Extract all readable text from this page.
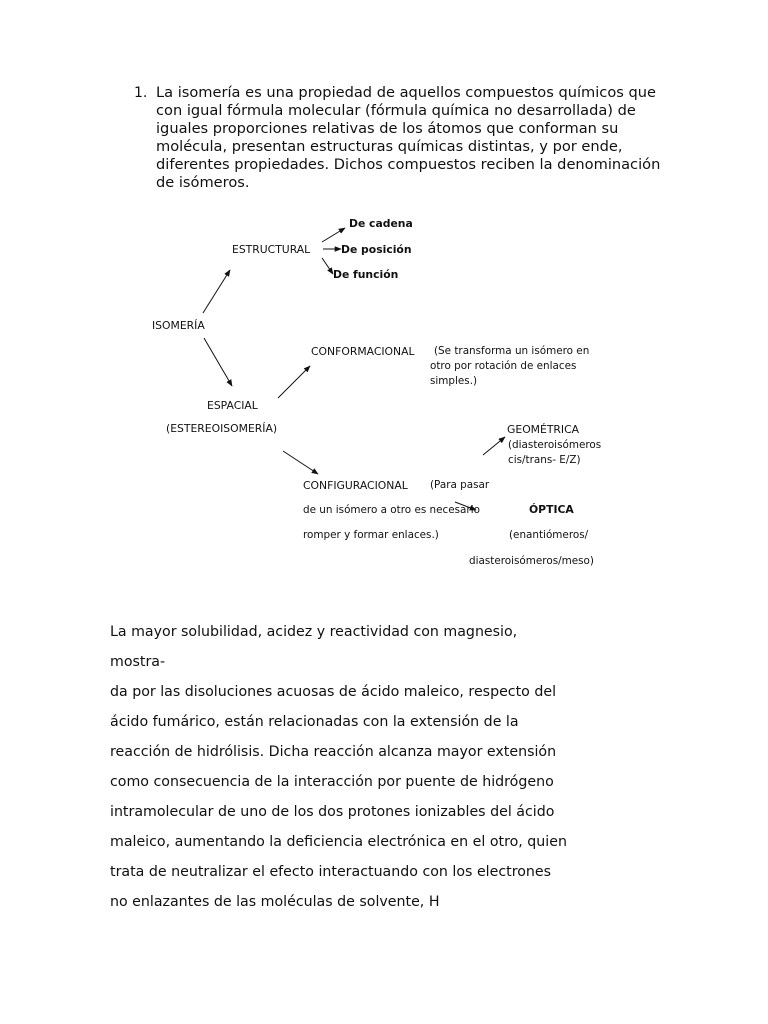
1. La isomería es una propiedad de aquellos compuestos químicos que
con igual fórmula molecular (fórmula química no desarrollada) de
iguales proporciones relativas de los átomos que conforman su
molécula, presentan estructuras químicas distintas, y por ende,
diferentes propiedades. Dichos compuestos reciben la denominación
de isómeros.
ISOMERÍA
ESTRUCTURAL
De cadena
De posición
De función
ESPACIAL
(ESTEREOISOMERÍA)
CONFORMACIONAL (Se transforma un isómero en
otro por rotación de enlaces
simples.)
CONFIGURACIONAL (Para pasar
de un isómero a otro es necesario
romper y formar enlaces.)
GEOMÉTRICA
(diasteroisómeros
cis/trans- E/Z)
ÓPTICA
(enantiómeros/
diasteroisómeros/meso)
La mayor solubilidad, acidez y reactividad con magnesio,
mostra-
da por las disoluciones acuosas de ácido maleico, respecto del
ácido fumárico, están relacionadas con la extensión de la
reacción de hidrólisis. Dicha reacción alcanza mayor extensión
como consecuencia de la interacción por puente de hidrógeno
intramolecular de uno de los dos protones ionizables del ácido
maleico, aumentando la deficiencia electrónica en el otro, quien
trata de neutralizar el efecto interactuando con los electrones
no enlazantes de las moléculas de solvente, H
